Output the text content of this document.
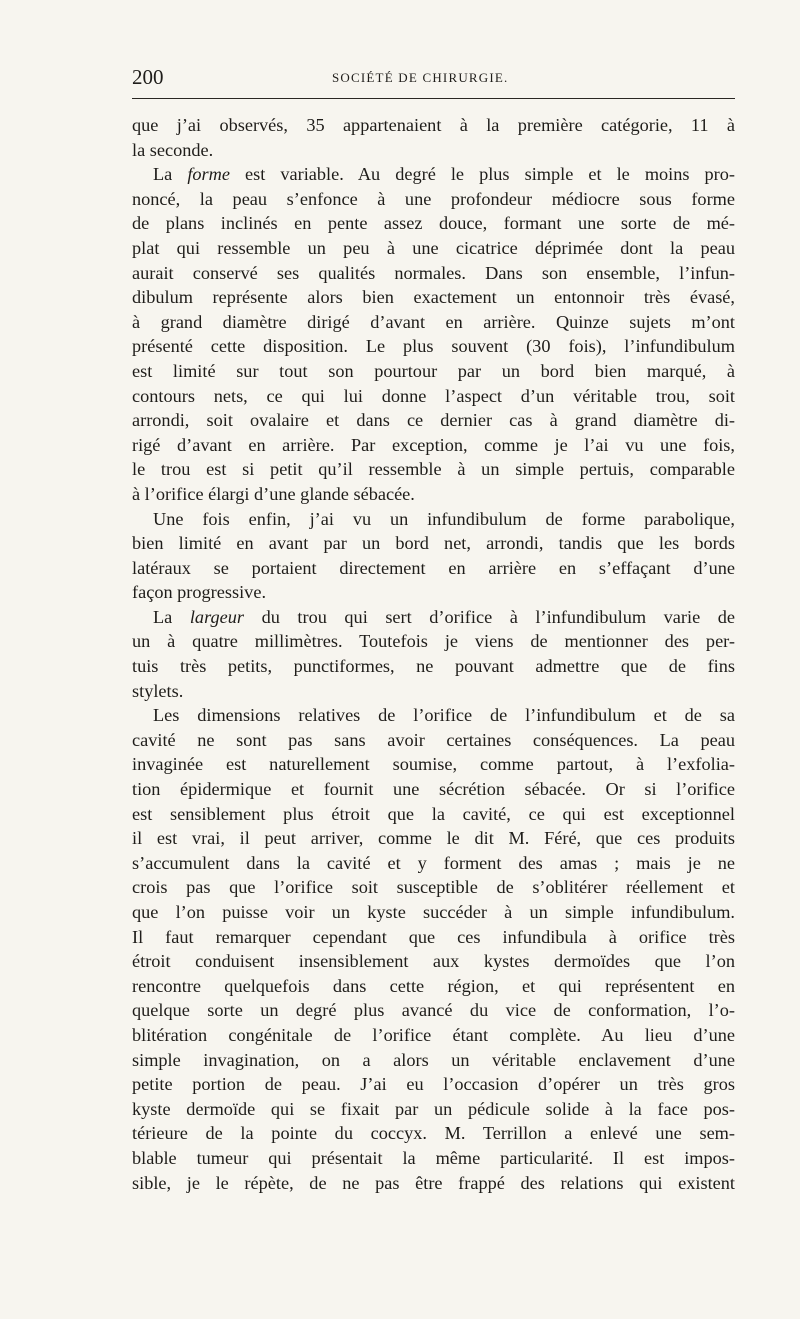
200	SOCIÉTÉ DE CHIRURGIE.
que j’ai observés, 35 appartenaient à la première catégorie, 11 à
la seconde.
La forme est variable. Au degré le plus simple et le moins pro-
noncé, la peau s’enfonce à une profondeur médiocre sous forme
de plans inclinés en pente assez douce, formant une sorte de mé-
plat qui ressemble un peu à une cicatrice déprimée dont la peau
aurait conservé ses qualités normales. Dans son ensemble, l’infun-
dibulum représente alors bien exactement un entonnoir très évasé,
à grand diamètre dirigé d’avant en arrière. Quinze sujets m’ont
présenté cette disposition. Le plus souvent (30 fois), l’infundibulum
est limité sur tout son pourtour par un bord bien marqué, à
contours nets, ce qui lui donne l’aspect d’un véritable trou, soit
arrondi, soit ovalaire et dans ce dernier cas à grand diamètre di-
rigé d’avant en arrière. Par exception, comme je l’ai vu une fois,
le trou est si petit qu’il ressemble à un simple pertuis, comparable
à l’orifice élargi d’une glande sébacée.
Une fois enfin, j’ai vu un infundibulum de forme parabolique,
bien limité en avant par un bord net, arrondi, tandis que les bords
latéraux se portaient directement en arrière en s’effaçant d’une
façon progressive.
La largeur du trou qui sert d’orifice à l’infundibulum varie de
un à quatre millimètres. Toutefois je viens de mentionner des per-
tuis très petits, punctiformes, ne pouvant admettre que de fins
stylets.
Les dimensions relatives de l’orifice de l’infundibulum et de sa
cavité ne sont pas sans avoir certaines conséquences. La peau
invaginée est naturellement soumise, comme partout, à l’exfolia-
tion épidermique et fournit une sécrétion sébacée. Or si l’orifice
est sensiblement plus étroit que la cavité, ce qui est exceptionnel
il est vrai, il peut arriver, comme le dit M. Féré, que ces produits
s’accumulent dans la cavité et y forment des amas ; mais je ne
crois pas que l’orifice soit susceptible de s’oblitérer réellement et
que l’on puisse voir un kyste succéder à un simple infundibulum.
Il faut remarquer cependant que ces infundibula à orifice très
étroit conduisent insensiblement aux kystes dermoïdes que l’on
rencontre quelquefois dans cette région, et qui représentent en
quelque sorte un degré plus avancé du vice de conformation, l’o-
blitération congénitale de l’orifice étant complète. Au lieu d’une
simple invagination, on a alors un véritable enclavement d’une
petite portion de peau. J’ai eu l’occasion d’opérer un très gros
kyste dermoïde qui se fixait par un pédicule solide à la face pos-
térieure de la pointe du coccyx. M. Terrillon a enlevé une sem-
blable tumeur qui présentait la même particularité. Il est impos-
sible, je le répète, de ne pas être frappé des relations qui existent
